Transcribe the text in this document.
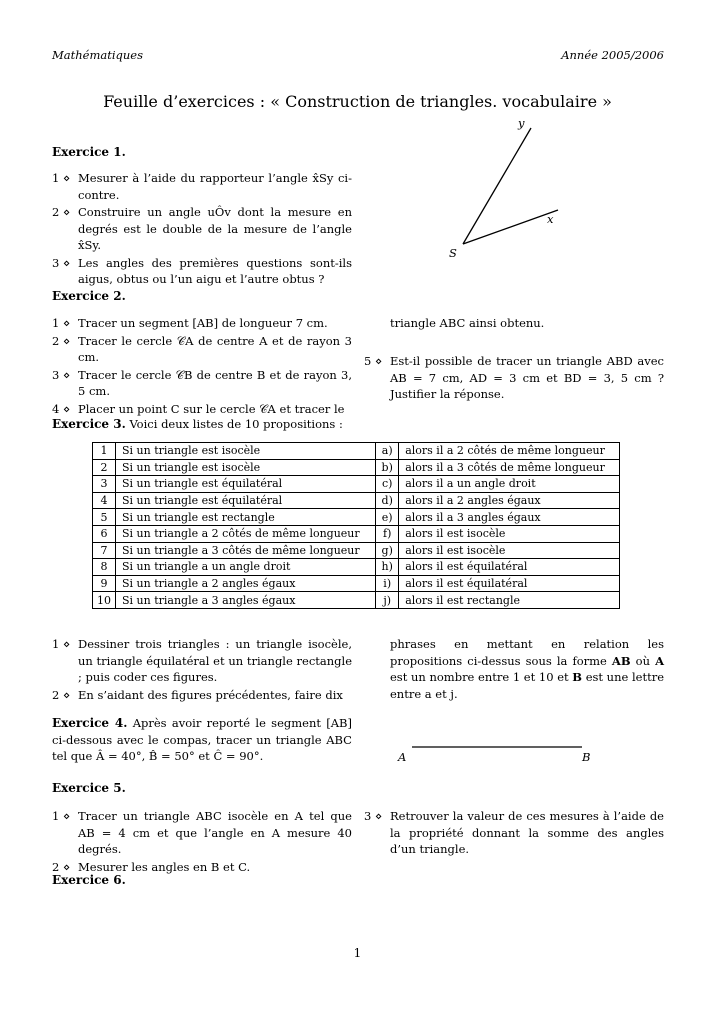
Mathématiques	Année 2005/2006
Feuille d’exercices : « Construction de triangles. vocabulaire »
y
x
S
Exercice 1.
1 ⋄ Mesurer à l’aide du rapporteur l’angle x̂Sy ci-contre.
2 ⋄ Construire un angle uÔv dont la mesure en degrés est le double de la mesure de l’angle x̂Sy.
3 ⋄ Les angles des premières questions sont-ils aigus, obtus ou l’un aigu et l’autre obtus ?
Exercice 2.
1 ⋄ Tracer un segment [AB] de longueur 7 cm.
2 ⋄ Tracer le cercle 𝒞A de centre A et de rayon 3 cm.
3 ⋄ Tracer le cercle 𝒞B de centre B et de rayon 3, 5 cm.
4 ⋄ Placer un point C sur le cercle 𝒞A et tracer le
triangle ABC ainsi obtenu.
5 ⋄ Est-il possible de tracer un triangle ABD avec AB = 7 cm, AD = 3 cm et BD = 3, 5 cm ? Justifier la réponse.
Exercice 3. Voici deux listes de 10 propositions :
1	Si un triangle est isocèle	a)	alors il a 2 côtés de même longueur
2	Si un triangle est isocèle	b)	alors il a 3 côtés de même longueur
3	Si un triangle est équilatéral	c)	alors il a un angle droit
4	Si un triangle est équilatéral	d)	alors il a 2 angles égaux
5	Si un triangle est rectangle	e)	alors il a 3 angles égaux
6	Si un triangle a 2 côtés de même longueur	f)	alors il est isocèle
7	Si un triangle a 3 côtés de même longueur	g)	alors il est isocèle
8	Si un triangle a un angle droit	h)	alors il est équilatéral
9	Si un triangle a 2 angles égaux	i)	alors il est équilatéral
10	Si un triangle a 3 angles égaux	j)	alors il est rectangle
1 ⋄ Dessiner trois triangles : un triangle isocèle, un triangle équilatéral et un triangle rectangle ; puis coder ces figures.
2 ⋄ En s’aidant des figures précédentes, faire dix
phrases en mettant en relation les propositions ci-dessus sous la forme AB où A est un nombre entre 1 et 10 et B est une lettre entre a et j.
Exercice 4. Après avoir reporté le segment [AB] ci-dessous avec le compas, tracer un triangle ABC tel que Â = 40°, B̂ = 50° et Ĉ = 90°.	A	B
Exercice 5.
1 ⋄ Tracer un triangle ABC isocèle en A tel que AB = 4 cm et que l’angle en A mesure 40 degrés.
2 ⋄ Mesurer les angles en B et C.
3 ⋄ Retrouver la valeur de ces mesures à l’aide de la propriété donnant la somme des angles d’un triangle.
Exercice 6.
1
